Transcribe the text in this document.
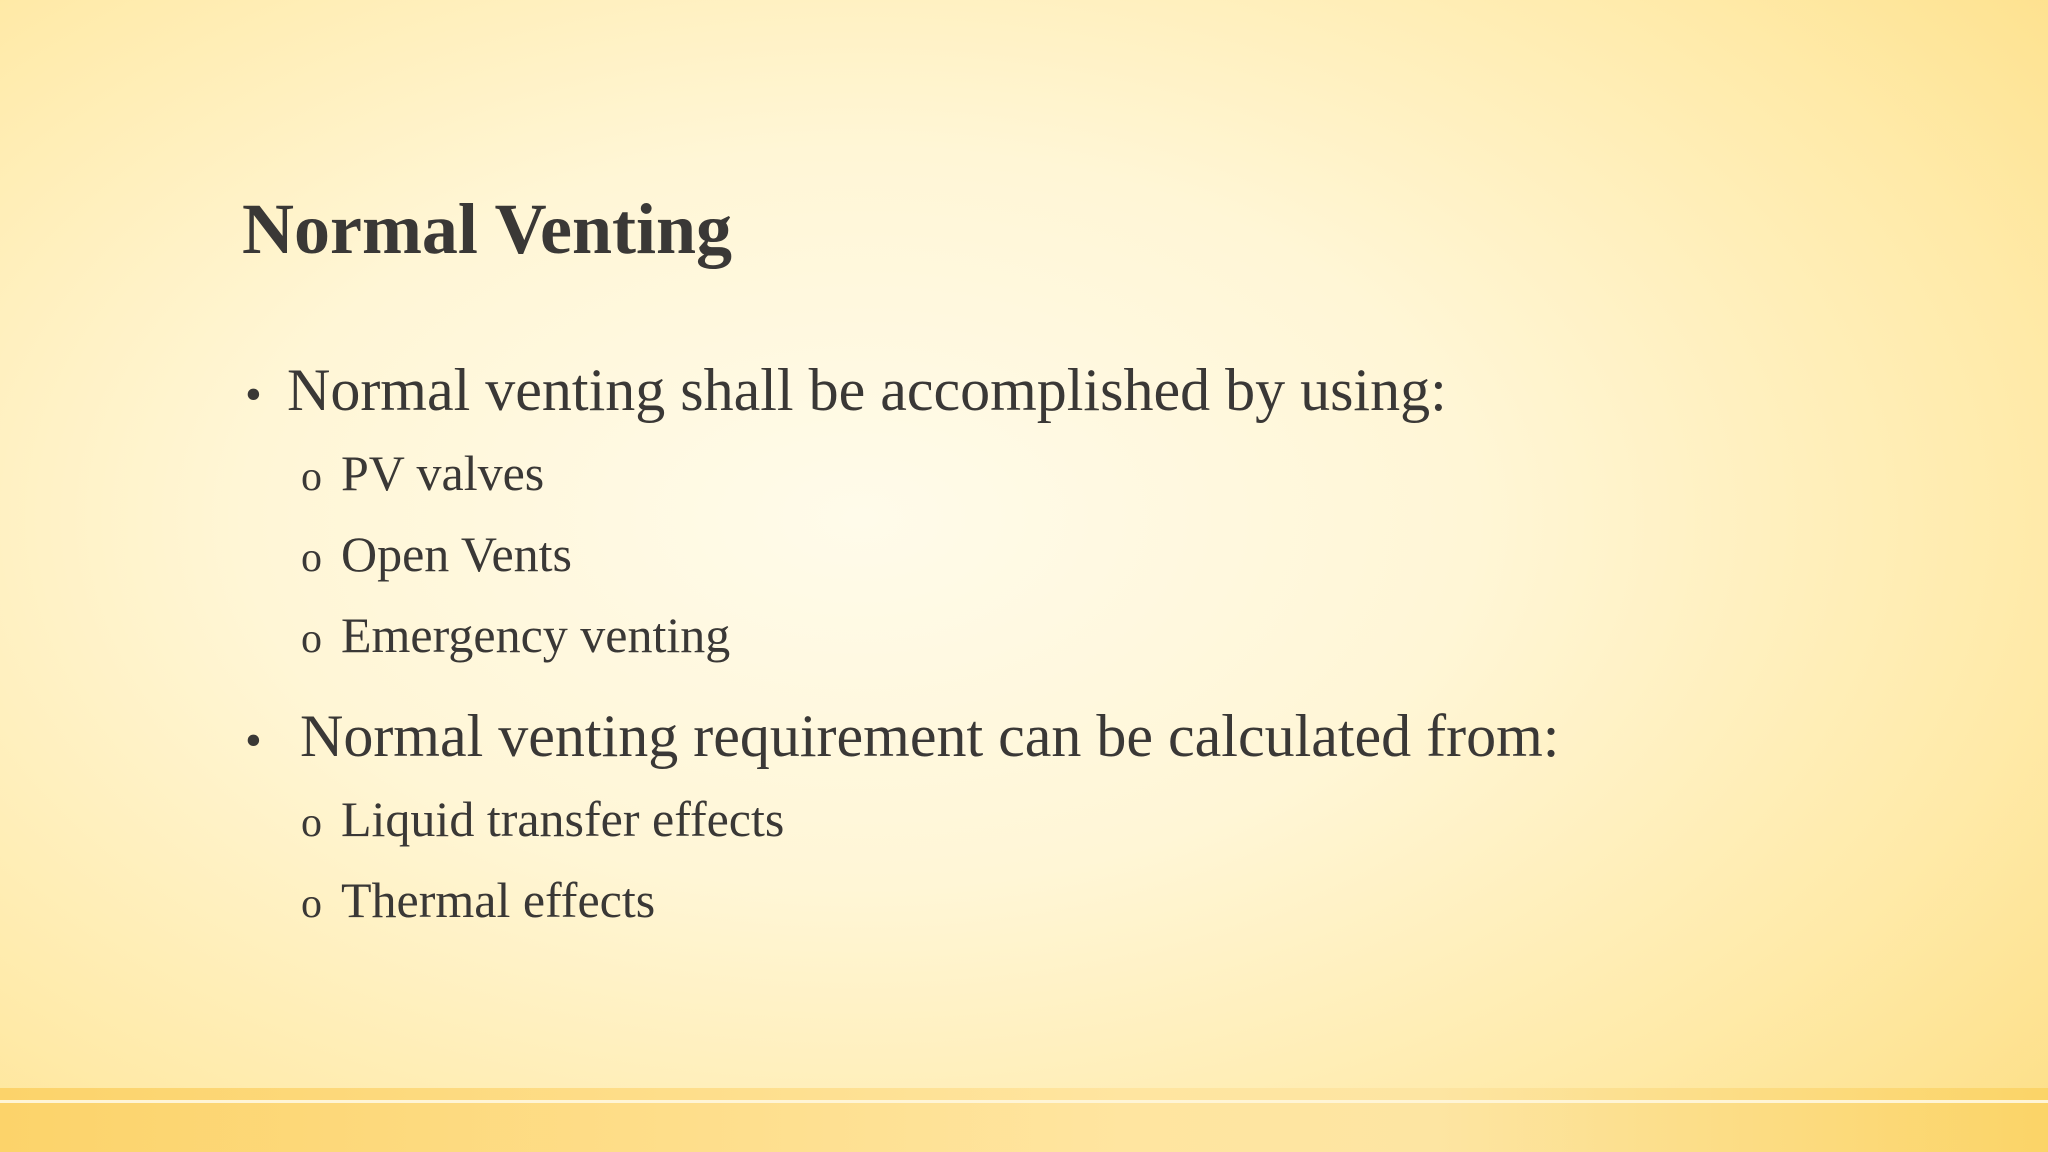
Normal Venting
• Normal venting shall be accomplished by using:
o PV valves
o Open Vents
o Emergency venting
• Normal venting requirement can be calculated from:
o Liquid transfer effects
o Thermal effects
